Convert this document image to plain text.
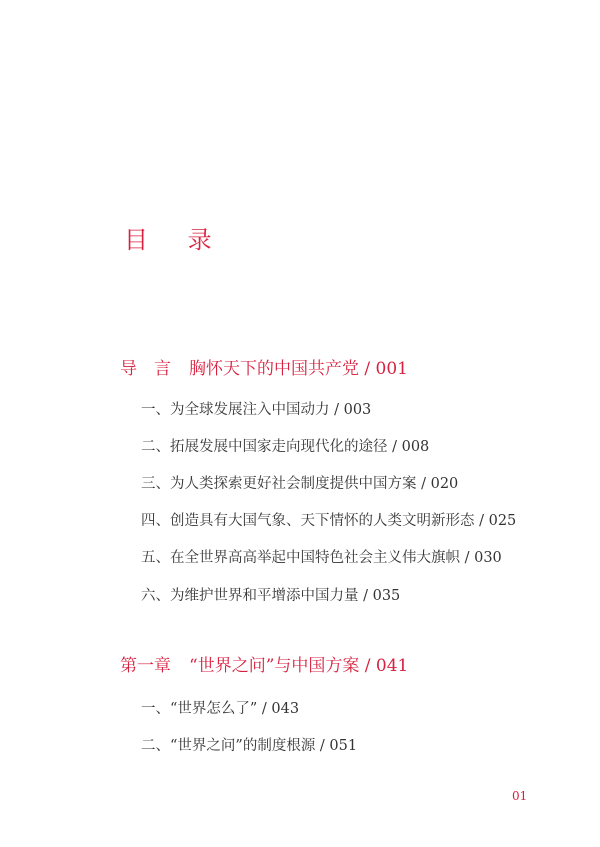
目 录
导　言 胸怀天下的中国共产党 / 001
一、为全球发展注入中国动力 / 003
二、拓展发展中国家走向现代化的途径 / 008
三、为人类探索更好社会制度提供中国方案 / 020
四、创造具有大国气象、天下情怀的人类文明新形态 / 025
五、在全世界高高举起中国特色社会主义伟大旗帜 / 030
六、为维护世界和平增添中国力量 / 035
第一章 “世界之问”与中国方案 / 041
一、“世界怎么了” / 043
二、“世界之问”的制度根源 / 051
01
